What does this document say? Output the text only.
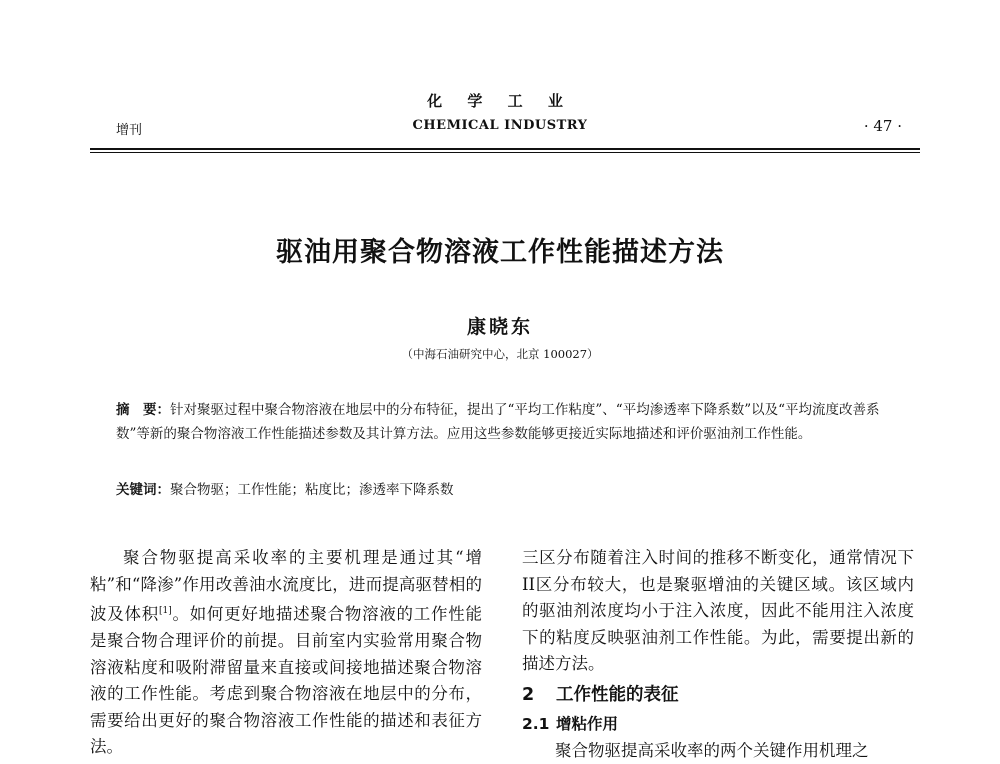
化 学 工 业
增刊	CHEMICAL INDUSTRY	· 47 ·
驱油用聚合物溶液工作性能描述方法
康晓东
（中海石油研究中心，北京 100027）
摘　要：针对聚驱过程中聚合物溶液在地层中的分布特征，提出了“平均工作粘度”、“平均渗透率下降系数”以及“平均流度改善系数”等新的聚合物溶液工作性能描述参数及其计算方法。应用这些参数能够更接近实际地描述和评价驱油剂工作性能。
关键词：聚合物驱；工作性能；粘度比；渗透率下降系数

聚合物驱提高采收率的主要机理是通过其“增粘”和“降渗”作用改善油水流度比，进而提高驱替相的波及体积[1]。如何更好地描述聚合物溶液的工作性能是聚合物合理评价的前提。目前室内实验常用聚合物溶液粘度和吸附滞留量来直接或间接地描述聚合物溶液的工作性能。考虑到聚合物溶液在地层中的分布，需要给出更好的聚合物溶液工作性能的描述和表征方法。

三区分布随着注入时间的推移不断变化，通常情况下II区分布较大，也是聚驱增油的关键区域。该区域内的驱油剂浓度均小于注入浓度，因此不能用注入浓度下的粘度反映驱油剂工作性能。为此，需要提出新的描述方法。

2 工作性能的表征
2.1 增粘作用

聚合物驱提高采收率的两个关键作用机理之
